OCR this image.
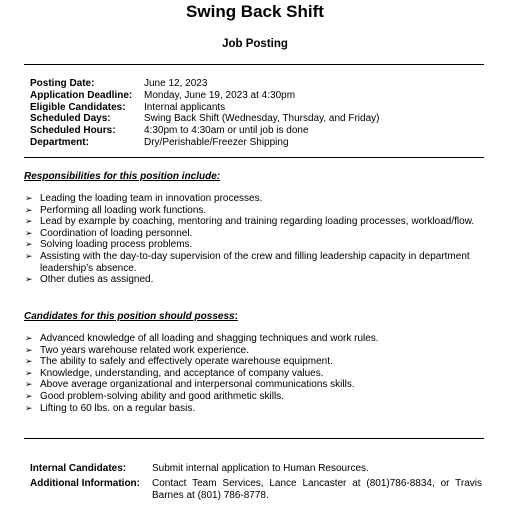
Swing Back Shift
Job Posting
Posting Date:	June 12, 2023
Application Deadline:	Monday, June 19, 2023 at 4:30pm
Eligible Candidates:	Internal applicants
Scheduled Days:	Swing Back Shift (Wednesday, Thursday, and Friday)
Scheduled Hours:	4:30pm to 4:30am or until job is done
Department:	Dry/Perishable/Freezer Shipping
Responsibilities for this position include:
➢ Leading the loading team in innovation processes.
➢ Performing all loading work functions.
➢ Lead by example by coaching, mentoring and training regarding loading processes, workload/flow.
➢ Coordination of loading personnel.
➢ Solving loading process problems.
➢ Assisting with the day-to-day supervision of the crew and filling leadership capacity in department leadership’s absence.
➢ Other duties as assigned.
Candidates for this position should possess:
➢ Advanced knowledge of all loading and shagging techniques and work rules.
➢ Two years warehouse related work experience.
➢ The ability to safely and effectively operate warehouse equipment.
➢ Knowledge, understanding, and acceptance of company values.
➢ Above average organizational and interpersonal communications skills.
➢ Good problem-solving ability and good arithmetic skills.
➢ Lifting to 60 lbs. on a regular basis.
Internal Candidates:	Submit internal application to Human Resources.
Additional Information:	Contact Team Services, Lance Lancaster at (801)786-8834, or Travis Barnes at (801) 786-8778.
